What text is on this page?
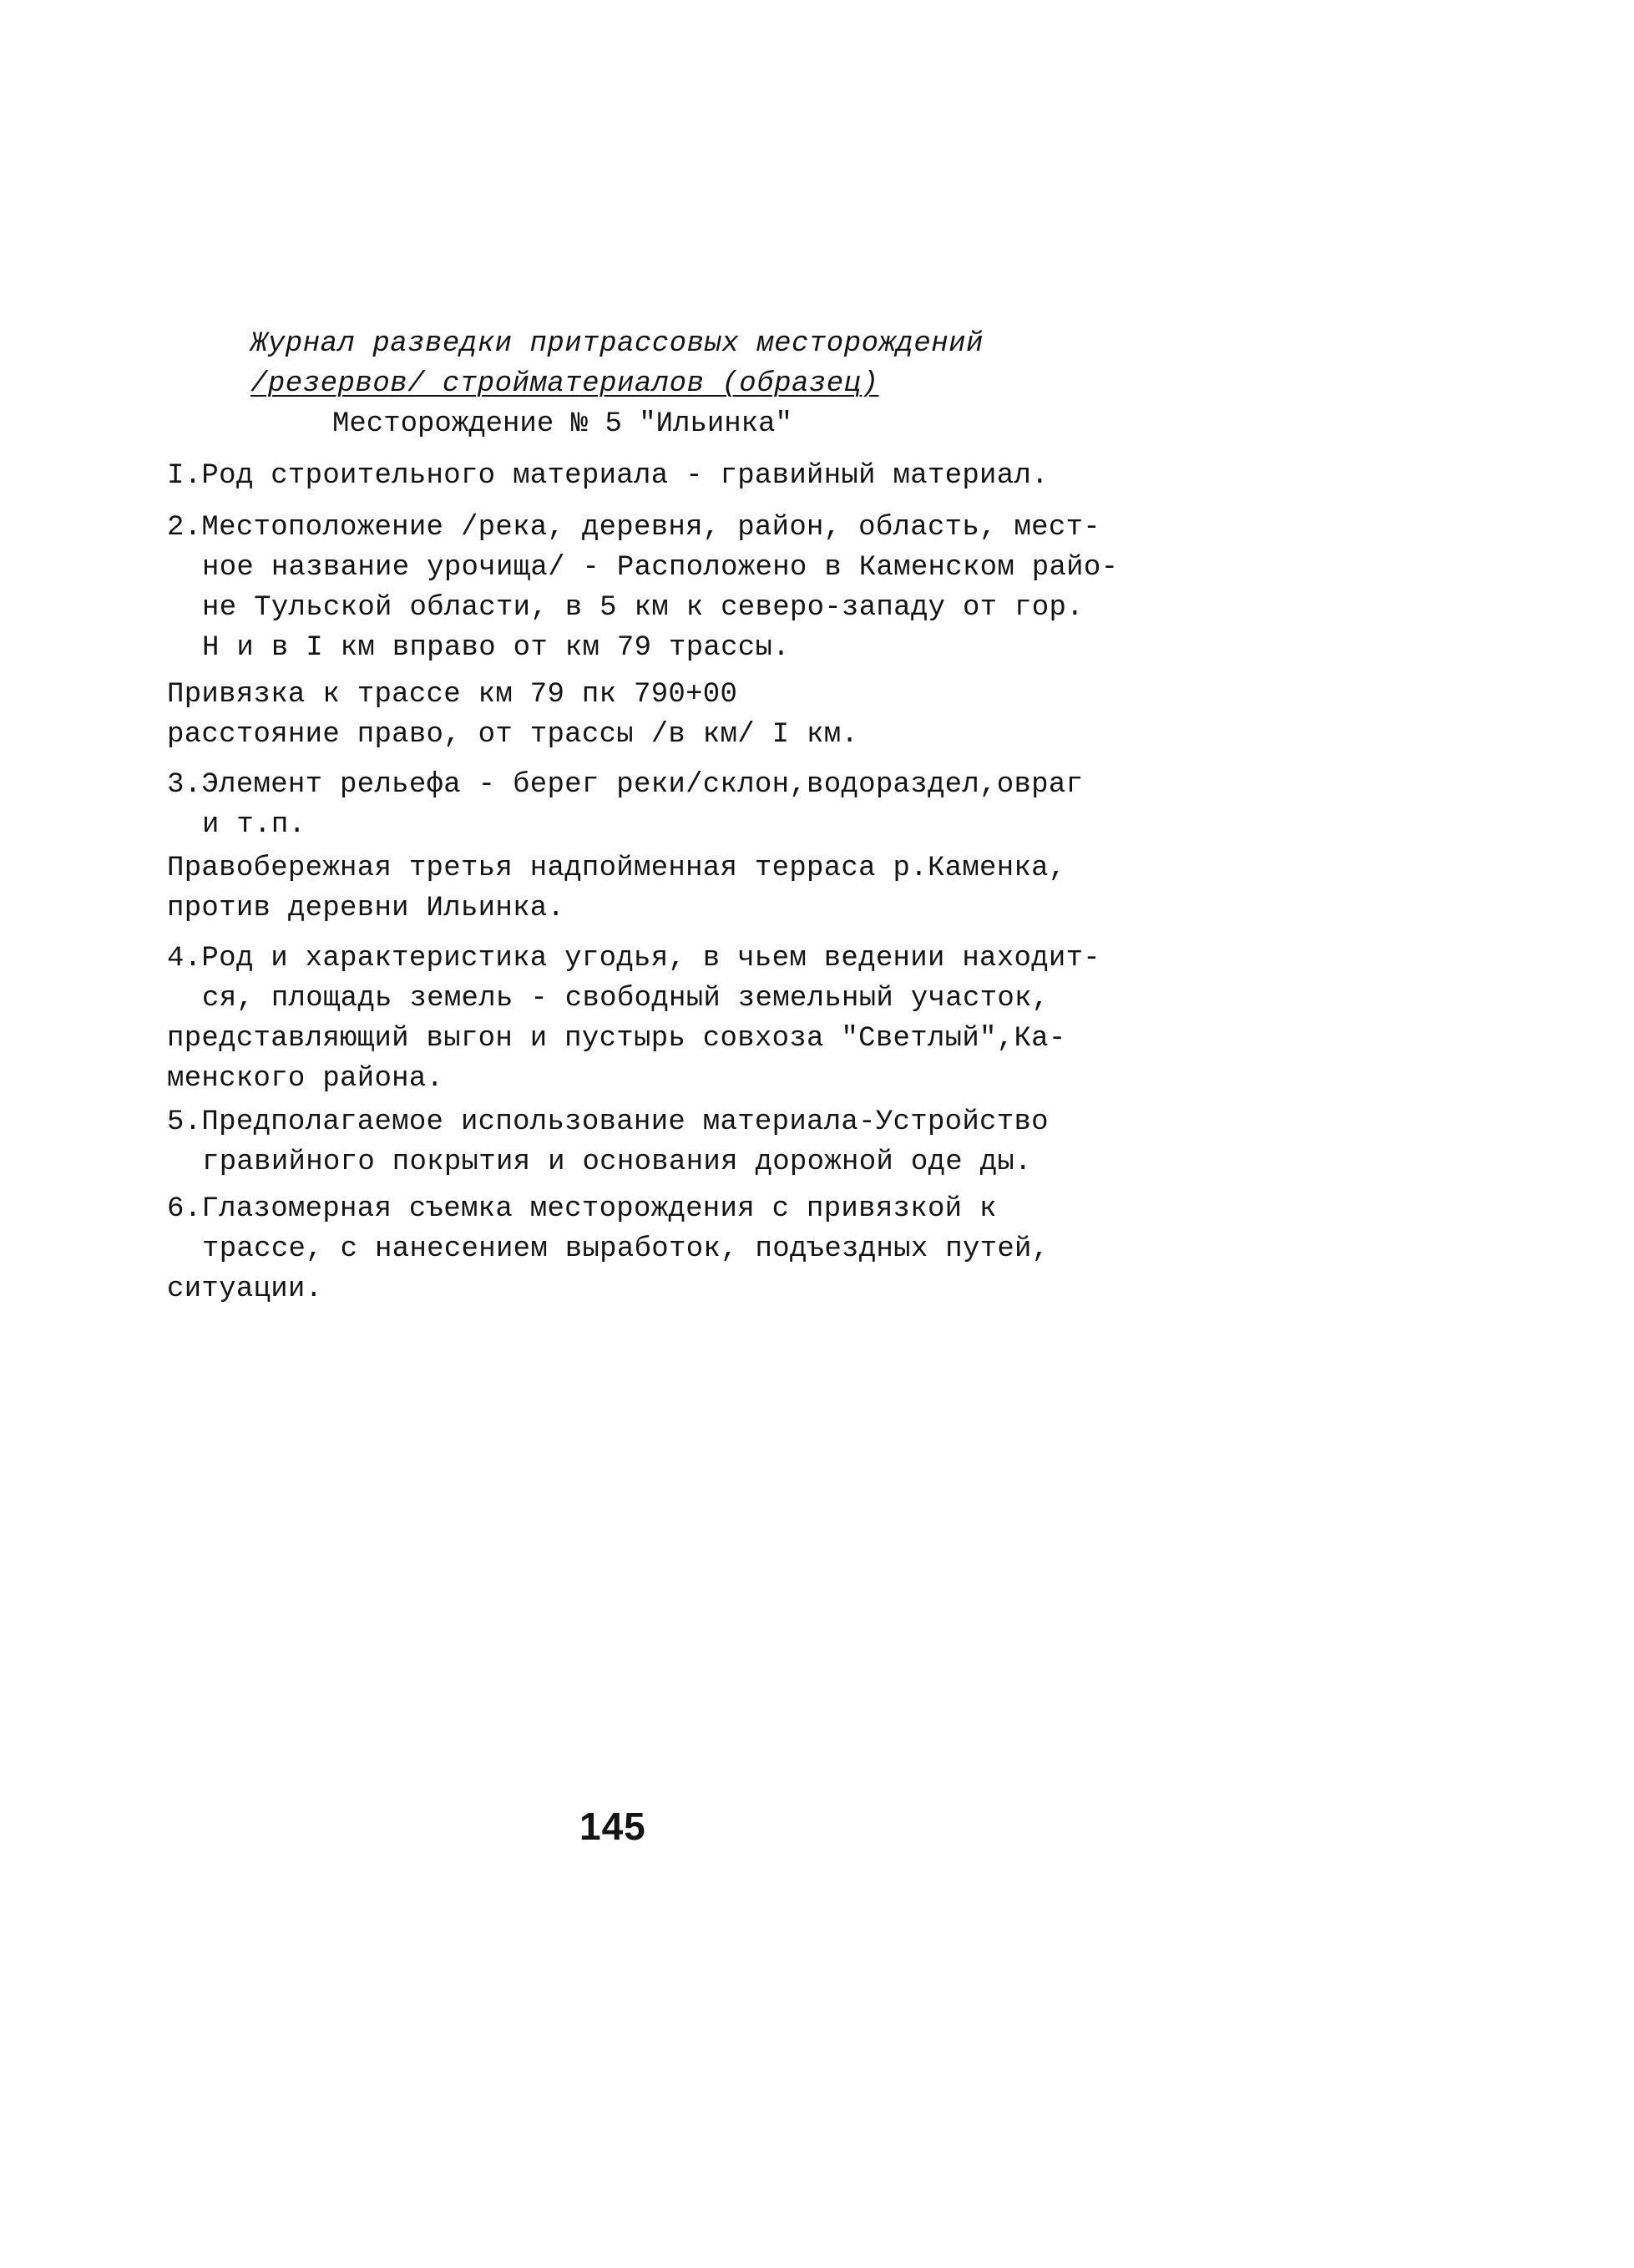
Журнал разведки притрассовых месторождений
/резервов/ стройматериалов (образец)
Месторождение № 5 "Ильинка"
I.Род строительного материала - гравийный материал.
2.Местоположение /река, деревня, район, область, мест-
ное название урочища/ - Расположено в Каменском райо-
не Тульской области, в 5 км к северо-западу от гор.
Н и в I км вправо от км 79 трассы.
Привязка к трассе км 79 пк 790+00
расстояние право, от трассы /в км/ I км.
3.Элемент рельефа - берег реки/склон,водораздел,овраг
и т.п.
Правобережная третья надпойменная терраса р.Каменка,
против деревни Ильинка.
4.Род и характеристика угодья, в чьем ведении находит-
ся, площадь земель - свободный земельный участок,
представляющий выгон и пустырь совхоза "Светлый",Ка-
менского района.
5.Предполагаемое использование материала-Устройство
гравийного покрытия и основания дорожной оде ды.
6.Глазомерная съемка месторождения с привязкой к
трассе, с нанесением выработок, подъездных путей,
ситуации.
145
